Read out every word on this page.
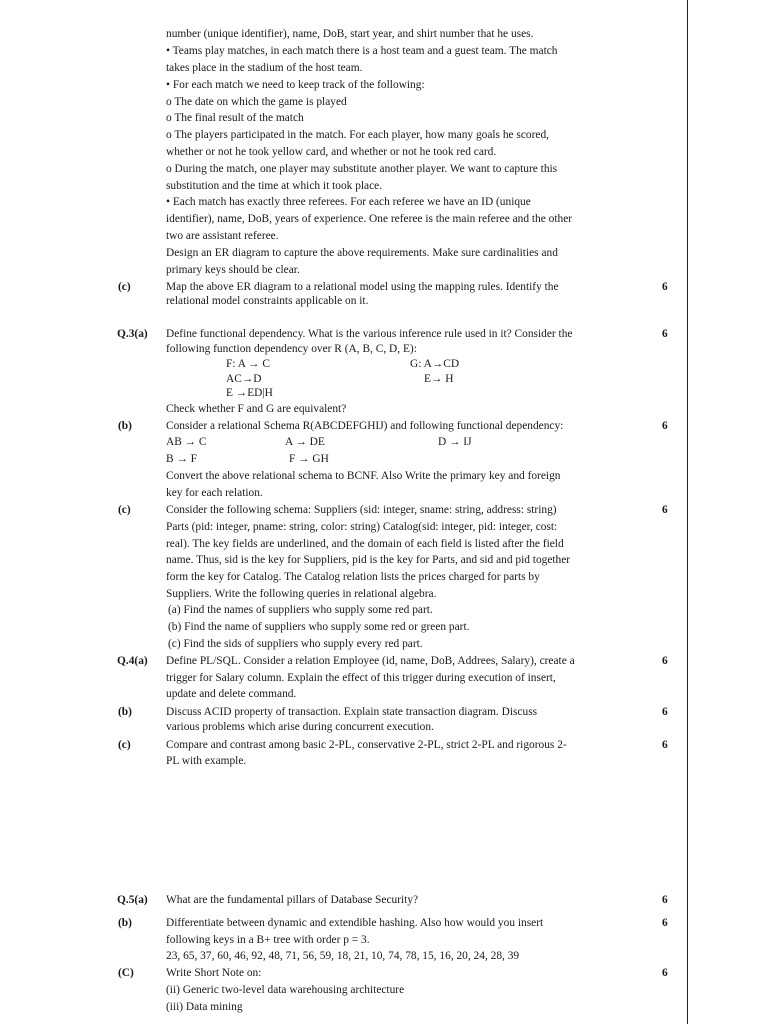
number (unique identifier), name, DoB, start year, and shirt number that he uses.
• Teams play matches, in each match there is a host team and a guest team. The match
takes place in the stadium of the host team.
• For each match we need to keep track of the following:
o The date on which the game is played
o The final result of the match
o The players participated in the match. For each player, how many goals he scored,
whether or not he took yellow card, and whether or not he took red card.
o During the match, one player may substitute another player. We want to capture this
substitution and the time at which it took place.
• Each match has exactly three referees. For each referee we have an ID (unique
identifier), name, DoB, years of experience. One referee is the main referee and the other
two are assistant referee.
Design an ER diagram to capture the above requirements. Make sure cardinalities and
primary keys should be clear.
(c)	Map the above ER diagram to a relational model using the mapping rules. Identify the
relational model constraints applicable on it.
6
Q.3(a) Define functional dependency. What is the various inference rule used in it? Consider the
following function dependency over R (A, B, C, D, E):
6
F: A → C	G: A→CD
AC→D	E→ H
E →ED|H
Check whether F and G are equivalent?
(b)	Consider a relational Schema R(ABCDEFGHIJ) and following functional dependency:	6
AB → C	A → DE	D → IJ
B → F	F → GH
Convert the above relational schema to BCNF. Also Write the primary key and foreign
key for each relation.
(c)	Consider the following schema: Suppliers (sid: integer, sname: string, address: string)	6
Parts (pid: integer, pname: string, color: string) Catalog(sid: integer, pid: integer, cost:
real). The key fields are underlined, and the domain of each field is listed after the field
name. Thus, sid is the key for Suppliers, pid is the key for Parts, and sid and pid together
form the key for Catalog. The Catalog relation lists the prices charged for parts by
Suppliers. Write the following queries in relational algebra.
(a) Find the names of suppliers who supply some red part.
(b) Find the name of suppliers who supply some red or green part.
(c) Find the sids of suppliers who supply every red part.
Q.4(a) Define PL/SQL. Consider a relation Employee (id, name, DoB, Addrees, Salary), create a	6
trigger for Salary column. Explain the effect of this trigger during execution of insert,
update and delete command.
(b)	Discuss ACID property of transaction. Explain state transaction diagram. Discuss	6
various problems which arise during concurrent execution.
(c)	Compare and contrast among basic 2-PL, conservative 2-PL, strict 2-PL and rigorous 2-	6
PL with example.
Q.5(a) What are the fundamental pillars of Database Security?	6
(b)	Differentiate between dynamic and extendible hashing. Also how would you insert	6
following keys in a B+ tree with order p = 3.
23, 65, 37, 60, 46, 92, 48, 71, 56, 59, 18, 21, 10, 74, 78, 15, 16, 20, 24, 28, 39
(C)	Write Short Note on:	6
(ii) Generic two-level data warehousing architecture
(iii) Data mining
